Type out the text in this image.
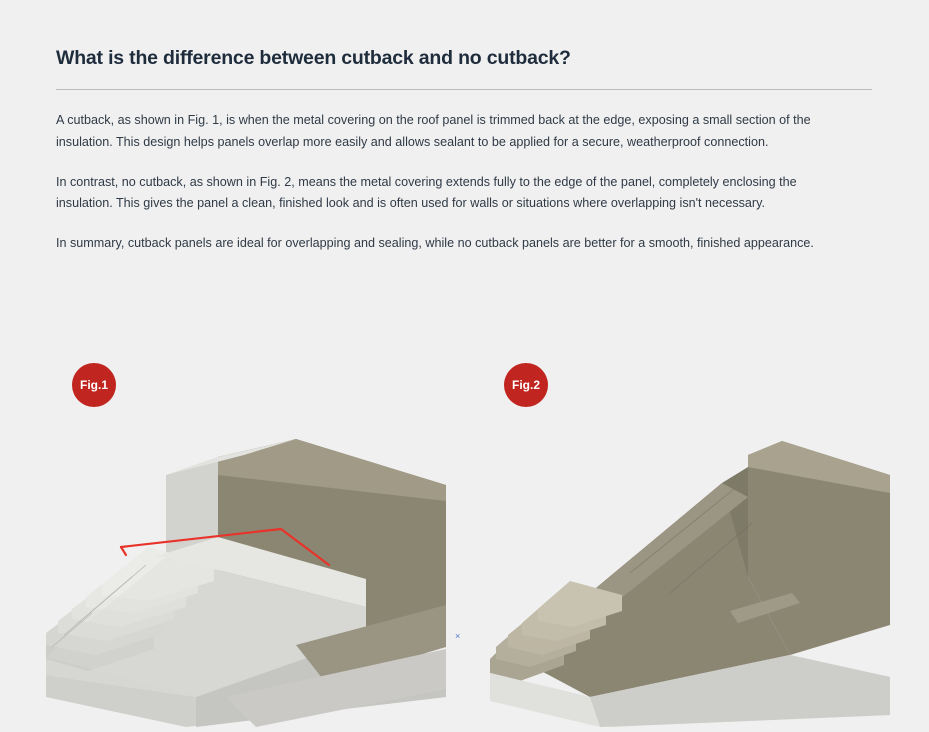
What is the difference between cutback and no cutback?

A cutback, as shown in Fig. 1, is when the metal covering on the roof panel is trimmed back at the edge, exposing a small section of the insulation. This design helps panels overlap more easily and allows sealant to be applied for a secure, weatherproof connection.

In contrast, no cutback, as shown in Fig. 2, means the metal covering extends fully to the edge of the panel, completely enclosing the insulation. This gives the panel a clean, finished look and is often used for walls or situations where overlapping isn't necessary.

In summary, cutback panels are ideal for overlapping and sealing, while no cutback panels are better for a smooth, finished appearance.

Fig.1	Fig.2
×
